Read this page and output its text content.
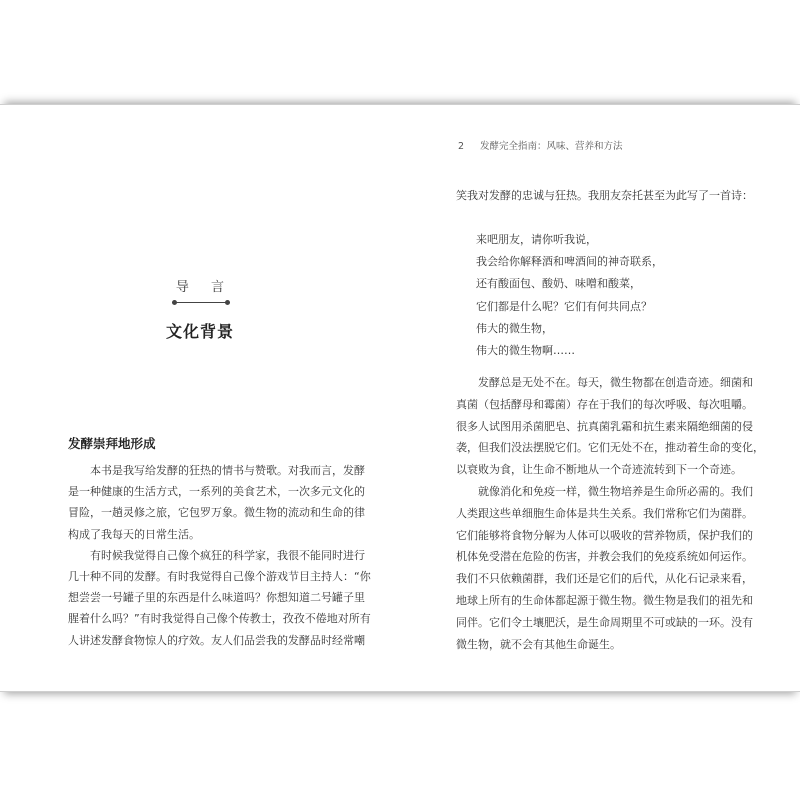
导 言
文化背景
发酵崇拜地形成
　　本书是我写给发酵的狂热的情书与赞歌。对我而言，发酵
是一种健康的生活方式，一系列的美食艺术，一次多元文化的
冒险，一趟灵修之旅，它包罗万象。微生物的流动和生命的律
构成了我每天的日常生活。
　　有时候我觉得自己像个疯狂的科学家，我很不能同时进行
几十种不同的发酵。有时我觉得自己像个游戏节目主持人：“你
想尝尝一号罐子里的东西是什么味道吗？你想知道二号罐子里
腥着什么吗？”有时我觉得自己像个传教士，孜孜不倦地对所有
人讲述发酵食物惊人的疗效。友人们品尝我的发酵品时经常嘲
2 发酵完全指南：风味、营养和方法
笑我对发酵的忠诚与狂热。我朋友奈托甚至为此写了一首诗：
来吧朋友，请你听我说，
我会给你解释酒和啤酒间的神奇联系，
还有酸面包、酸奶、味噌和酸菜，
它们都是什么呢？它们有何共同点？
伟大的微生物，
伟大的微生物啊……
　　发酵总是无处不在。每天，微生物都在创造奇迹。细菌和
真菌（包括酵母和霉菌）存在于我们的每次呼吸、每次咀嚼。
很多人试图用杀菌肥皂、抗真菌乳霜和抗生素来隔绝细菌的侵
袭，但我们没法摆脱它们。它们无处不在，推动着生命的变化，
以衰败为食，让生命不断地从一个奇迹流转到下一个奇迹。
　　就像消化和免疫一样，微生物培养是生命所必需的。我们
人类跟这些单细胞生命体是共生关系。我们常称它们为菌群。
它们能够将食物分解为人体可以吸收的营养物质，保护我们的
机体免受潜在危险的伤害，并教会我们的免疫系统如何运作。
我们不只依赖菌群，我们还是它们的后代，从化石记录来看，
地球上所有的生命体都起源于微生物。微生物是我们的祖先和
同伴。它们令土壤肥沃，是生命周期里不可或缺的一环。没有
微生物，就不会有其他生命诞生。
